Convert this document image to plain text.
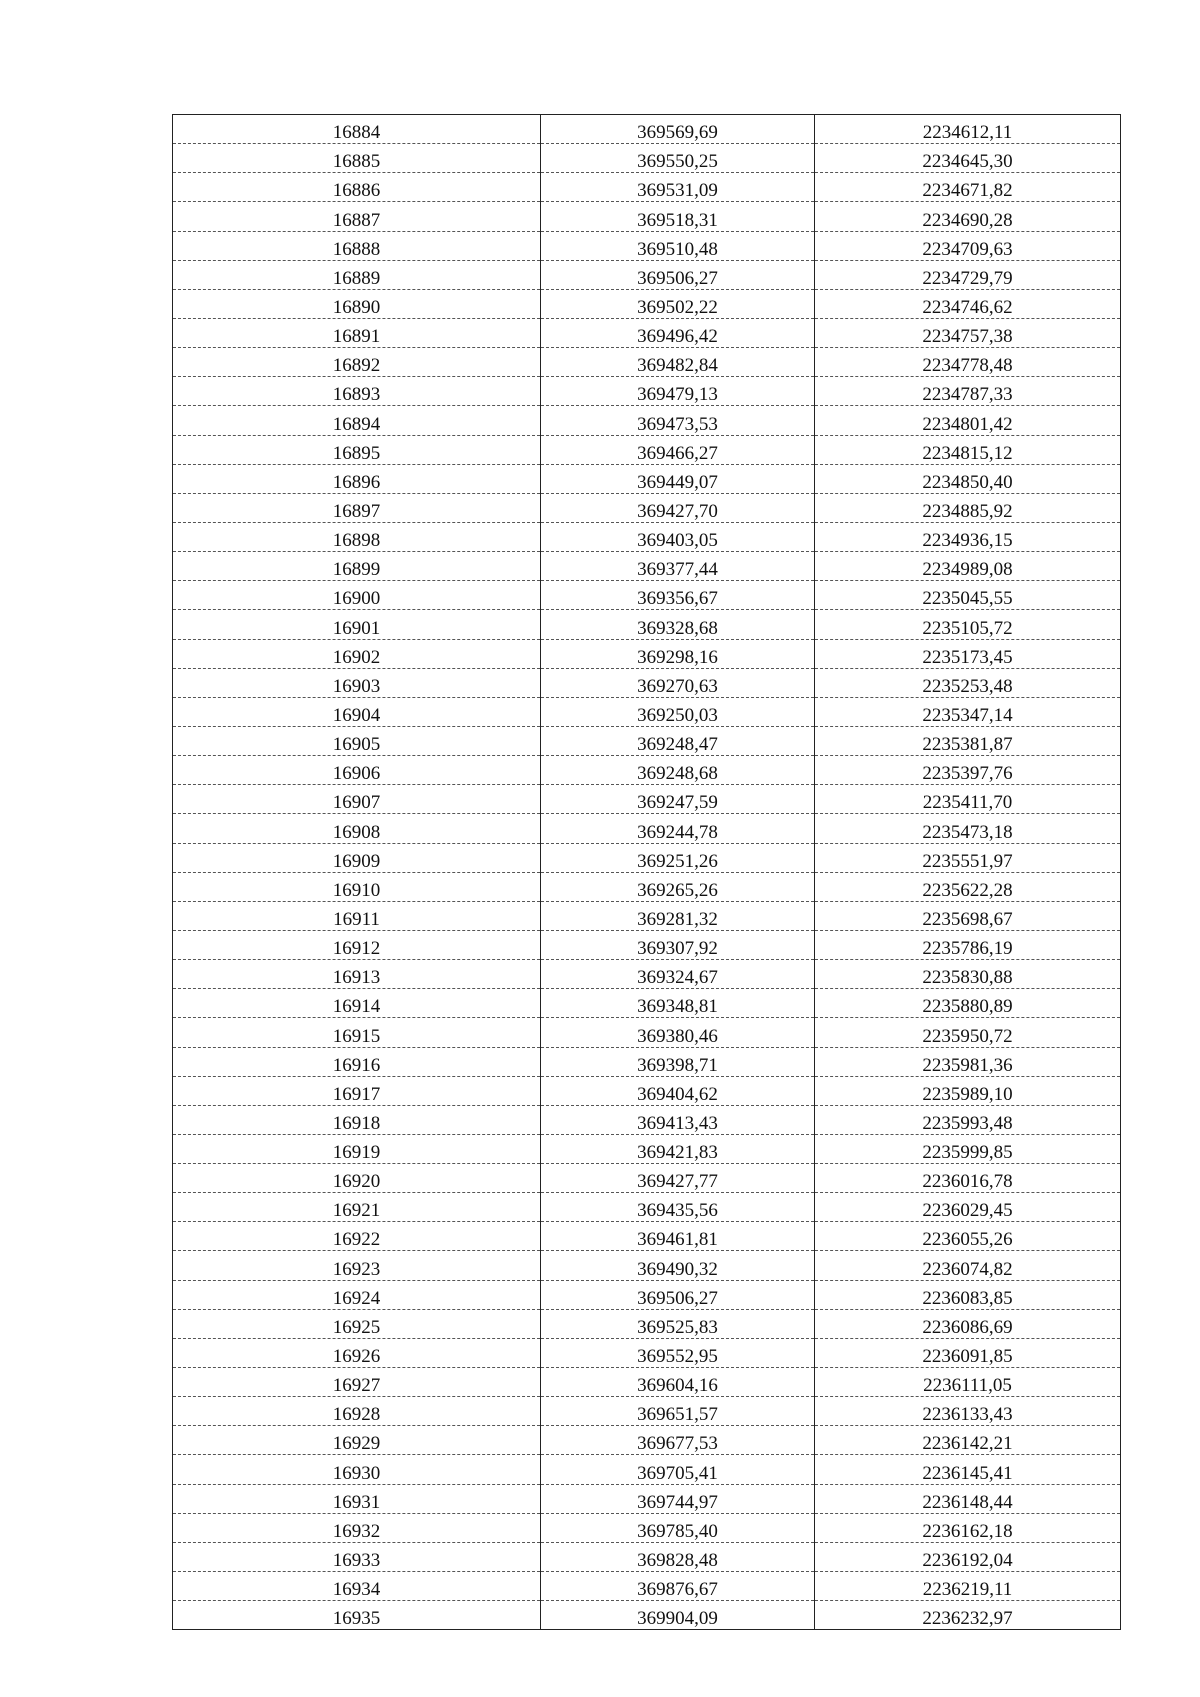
16884	369569,69	2234612,11
16885	369550,25	2234645,30
16886	369531,09	2234671,82
16887	369518,31	2234690,28
16888	369510,48	2234709,63
16889	369506,27	2234729,79
16890	369502,22	2234746,62
16891	369496,42	2234757,38
16892	369482,84	2234778,48
16893	369479,13	2234787,33
16894	369473,53	2234801,42
16895	369466,27	2234815,12
16896	369449,07	2234850,40
16897	369427,70	2234885,92
16898	369403,05	2234936,15
16899	369377,44	2234989,08
16900	369356,67	2235045,55
16901	369328,68	2235105,72
16902	369298,16	2235173,45
16903	369270,63	2235253,48
16904	369250,03	2235347,14
16905	369248,47	2235381,87
16906	369248,68	2235397,76
16907	369247,59	2235411,70
16908	369244,78	2235473,18
16909	369251,26	2235551,97
16910	369265,26	2235622,28
16911	369281,32	2235698,67
16912	369307,92	2235786,19
16913	369324,67	2235830,88
16914	369348,81	2235880,89
16915	369380,46	2235950,72
16916	369398,71	2235981,36
16917	369404,62	2235989,10
16918	369413,43	2235993,48
16919	369421,83	2235999,85
16920	369427,77	2236016,78
16921	369435,56	2236029,45
16922	369461,81	2236055,26
16923	369490,32	2236074,82
16924	369506,27	2236083,85
16925	369525,83	2236086,69
16926	369552,95	2236091,85
16927	369604,16	2236111,05
16928	369651,57	2236133,43
16929	369677,53	2236142,21
16930	369705,41	2236145,41
16931	369744,97	2236148,44
16932	369785,40	2236162,18
16933	369828,48	2236192,04
16934	369876,67	2236219,11
16935	369904,09	2236232,97
